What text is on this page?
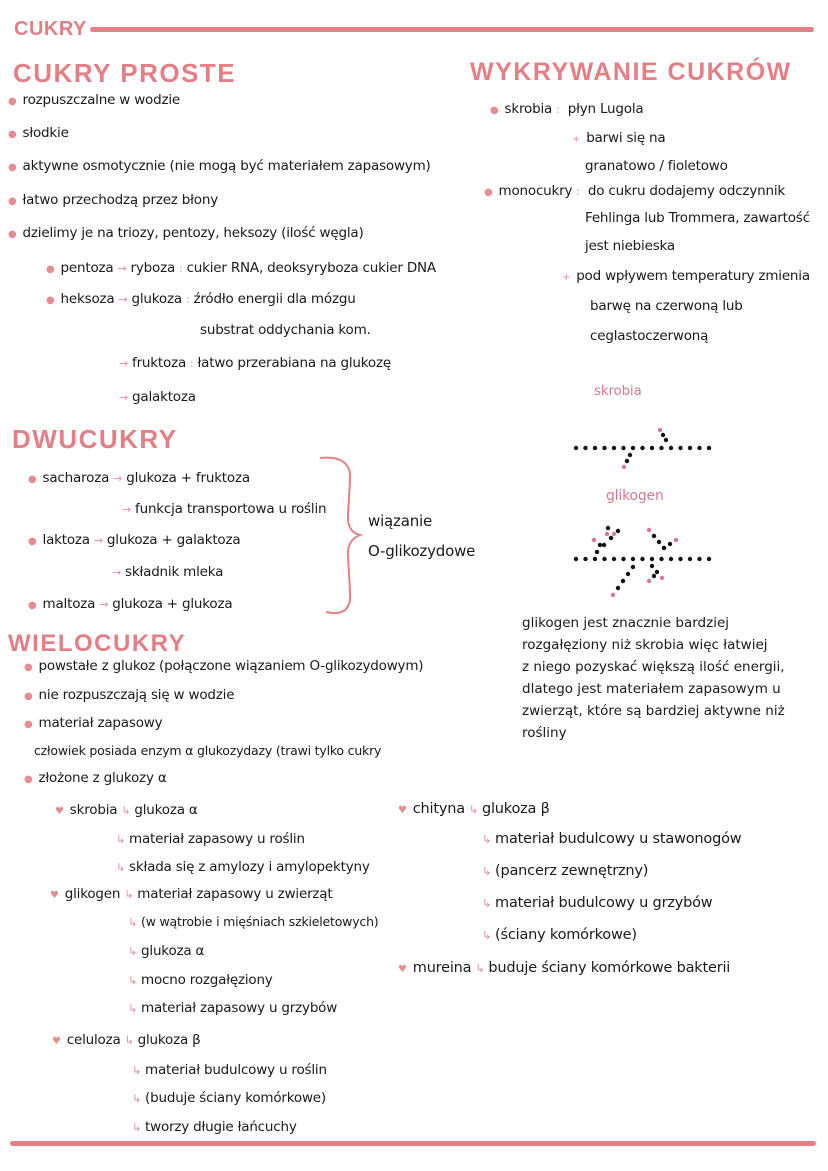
CUKRY
CUKRY PROSTE
● rozpuszczalne w wodzie
● słodkie
● aktywne osmotycznie (nie mogą być materiałem zapasowym)
● łatwo przechodzą przez błony
● dzielimy je na triozy, pentozy, heksozy (ilość węgla)
● pentoza → ryboza : cukier RNA, deoksyryboza cukier DNA
● heksoza → glukoza : źródło energii dla mózgu
substrat oddychania kom.
→ fruktoza : łatwo przerabiana na glukozę
→ galaktoza
DWUCUKRY
● sacharoza → glukoza + fruktoza
→ funkcja transportowa u roślin
● laktoza → glukoza + galaktoza
→ składnik mleka
● maltoza → glukoza + glukoza
wiązanie
O-glikozydowe
WIELOCUKRY
● powstałe z glukoz (połączone wiązaniem O-glikozydowym)
● nie rozpuszczają się w wodzie
● materiał zapasowy
człowiek posiada enzym α glukozydazy (trawi tylko cukry
● złożone z glukozy α
♥ skrobia ↳ glukoza α
↳ materiał zapasowy u roślin
↳ składa się z amylozy i amylopektyny
♥ glikogen ↳ materiał zapasowy u zwierząt
↳ (w wątrobie i mięśniach szkieletowych)
↳ glukoza α
↳ mocno rozgałęziony
↳ materiał zapasowy u grzybów
♥ celuloza ↳ glukoza β
↳ materiał budulcowy u roślin
↳ (buduje ściany komórkowe)
↳ tworzy długie łańcuchy
♥ chityna ↳ glukoza β
↳ materiał budulcowy u stawonogów
↳ (pancerz zewnętrzny)
↳ materiał budulcowy u grzybów
↳ (ściany komórkowe)
♥ mureina ↳ buduje ściany komórkowe bakterii
WYKRYWANIE CUKRÓW
● skrobia : płyn Lugola
+ barwi się na
granatowo / fioletowo
● monocukry : do cukru dodajemy odczynnik
Fehlinga lub Trommera, zawartość
jest niebieska
+ pod wpływem temperatury zmienia
barwę na czerwoną lub
ceglastoczerwoną
skrobia
glikogen
glikogen jest znacznie bardziej
rozgałęziony niż skrobia więc łatwiej
z niego pozyskać większą ilość energii,
dlatego jest materiałem zapasowym u
zwierząt, które są bardziej aktywne niż
rośliny
